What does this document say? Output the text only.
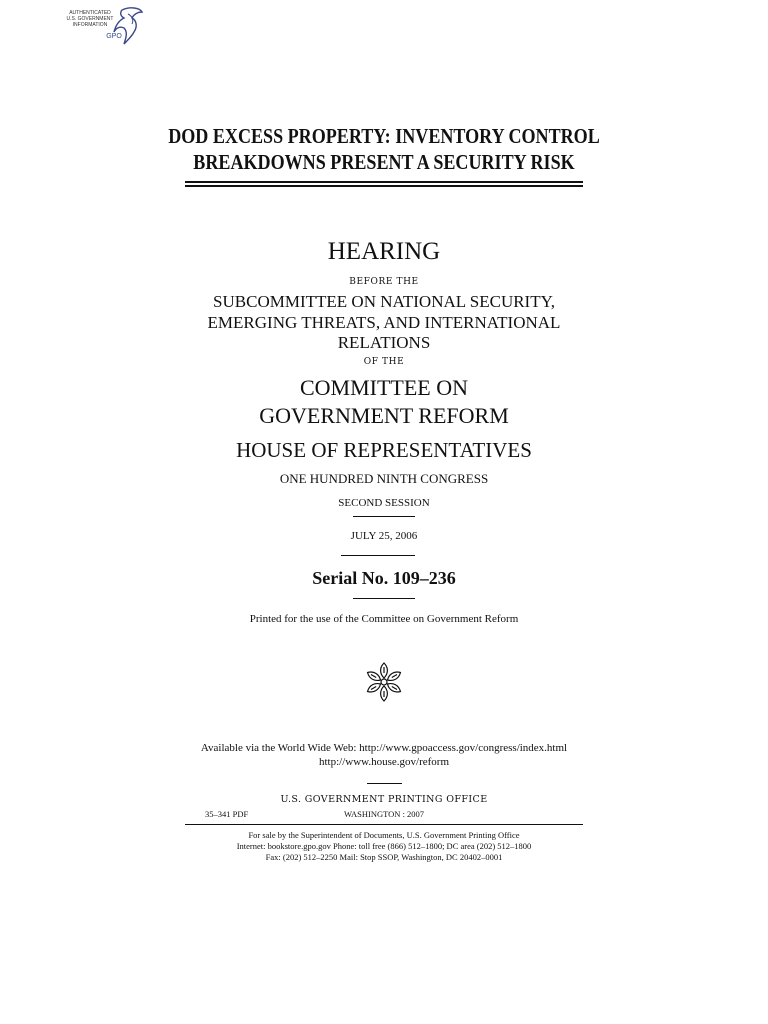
AUTHENTICATED
U.S. GOVERNMENT
INFORMATION
GPO
DOD EXCESS PROPERTY: INVENTORY CONTROL
BREAKDOWNS PRESENT A SECURITY RISK
HEARING
BEFORE THE
SUBCOMMITTEE ON NATIONAL SECURITY,
EMERGING THREATS, AND INTERNATIONAL
RELATIONS
OF THE
COMMITTEE ON
GOVERNMENT REFORM
HOUSE OF REPRESENTATIVES
ONE HUNDRED NINTH CONGRESS
SECOND SESSION
JULY 25, 2006
Serial No. 109–236
Printed for the use of the Committee on Government Reform
Available via the World Wide Web: http://www.gpoaccess.gov/congress/index.html
http://www.house.gov/reform
U.S. GOVERNMENT PRINTING OFFICE
35–341 PDF	WASHINGTON : 2007
For sale by the Superintendent of Documents, U.S. Government Printing Office
Internet: bookstore.gpo.gov Phone: toll free (866) 512–1800; DC area (202) 512–1800
Fax: (202) 512–2250 Mail: Stop SSOP, Washington, DC 20402–0001
